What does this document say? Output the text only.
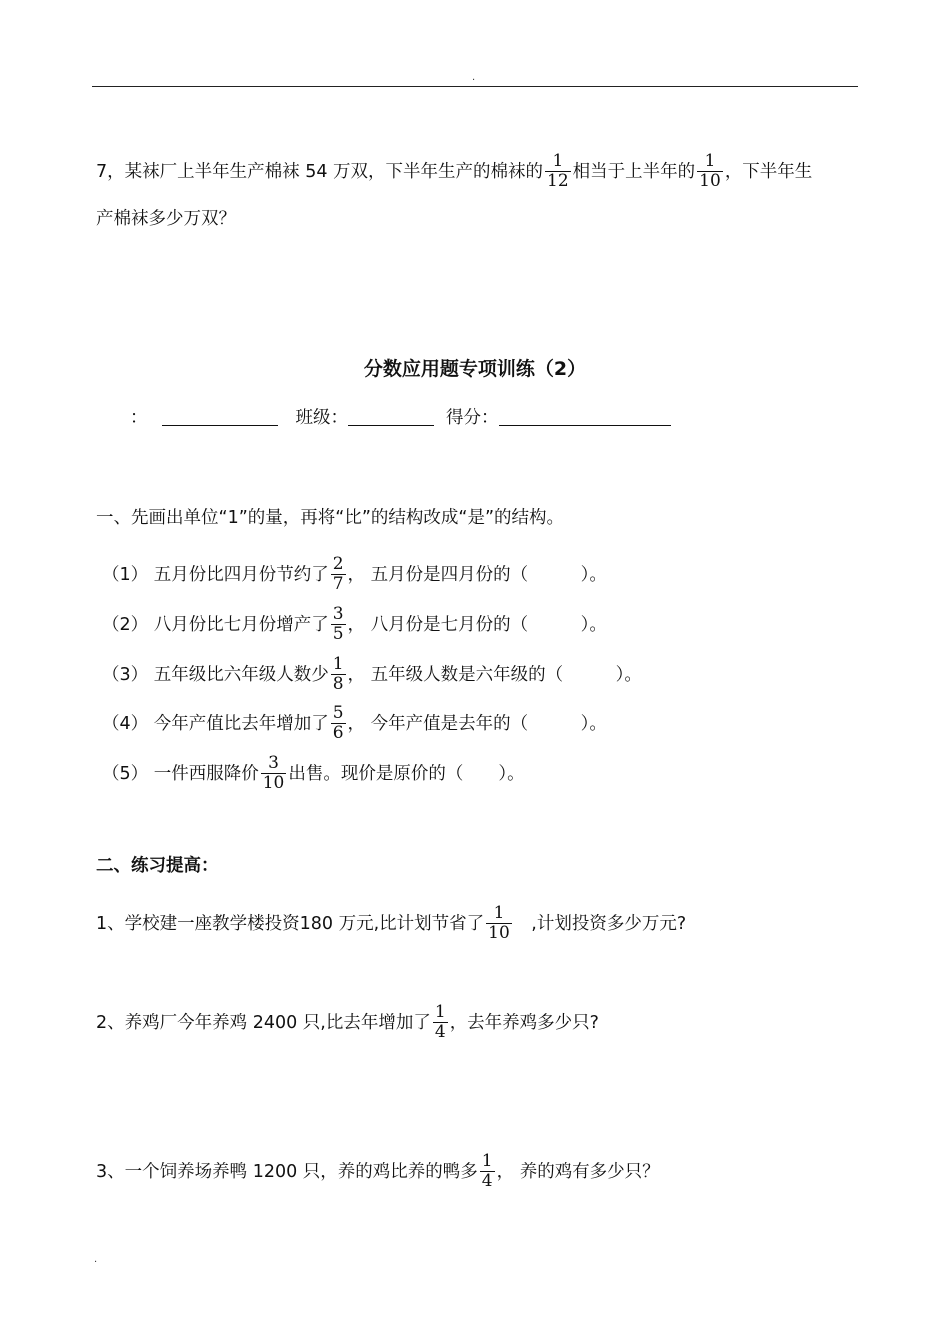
.
7，某袜厂上半年生产棉袜 54 万双，下半年生产的棉袜的 $\frac{1}{12}$ 相当于上半年的 $\frac{1}{10}$ ，下半年生
产棉袜多少万双？
分数应用题专项训练（2）
：	班级：	得分：
一、先画出单位“1”的量，再将“比”的结构改成“是”的结构。
（1） 五月份比四月份节约了 $\frac{2}{7}$ ， 五月份是四月份的（　　　）。
（2） 八月份比七月份增产了 $\frac{3}{5}$ ， 八月份是七月份的（　　　）。
（3） 五年级比六年级人数少 $\frac{1}{8}$ ， 五年级人数是六年级的（　　　）。
（4） 今年产值比去年增加了 $\frac{5}{6}$ ， 今年产值是去年的（　　　）。
（5） 一件西服降价 $\frac{3}{10}$ 出售。现价是原价的（　　）。
二、练习提高：
1、学校建一座教学楼投资180 万元,比计划节省了 $\frac{1}{10}$ 　,计划投资多少万元?
2、养鸡厂今年养鸡 2400 只,比去年增加了 $\frac{1}{4}$ ，去年养鸡多少只?
3、一个饲养场养鸭 1200 只，养的鸡比养的鸭多 $\frac{1}{4}$ ， 养的鸡有多少只？
.
